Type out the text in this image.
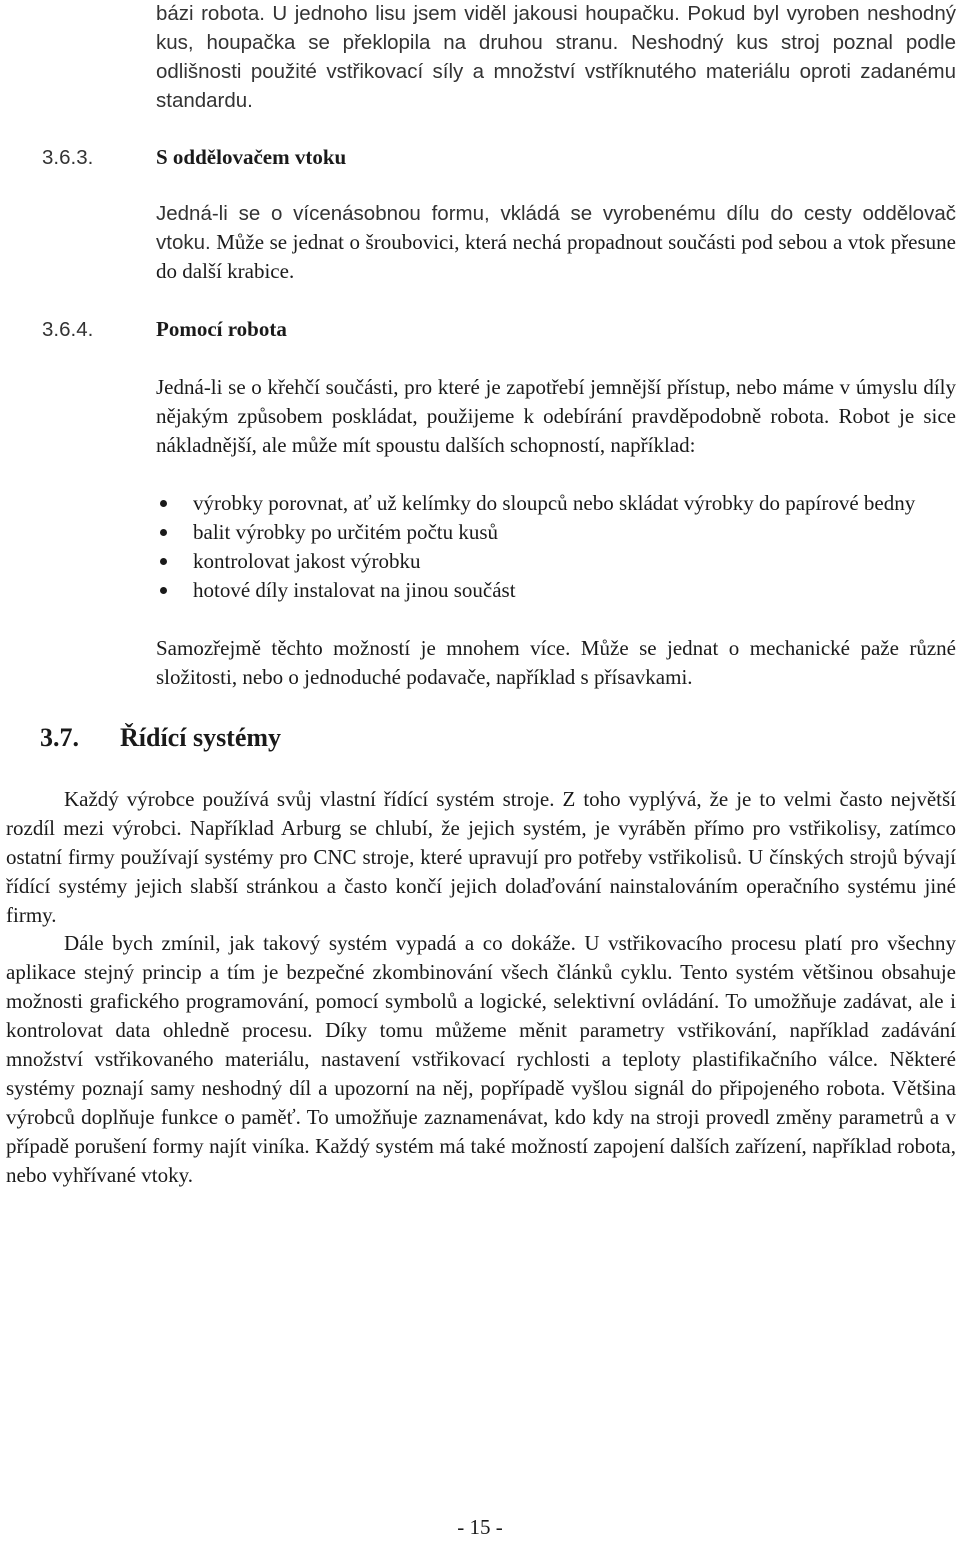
bázi robota. U jednoho lisu jsem viděl jakousi houpačku. Pokud byl vyroben neshodný kus, houpačka se překlopila na druhou stranu. Neshodný kus stroj poznal podle odlišnosti použité vstřikovací síly a množství vstříknutého materiálu oproti zadanému standardu.
3.6.3.	S oddělovačem vtoku
Jedná-li se o vícenásobnou formu, vkládá se vyrobenému dílu do cesty oddělovač vtoku. Může se jednat o šroubovici, která nechá propadnout součásti pod sebou a vtok přesune do další krabice.
3.6.4.	Pomocí robota
Jedná-li se o křehčí součásti, pro které je zapotřebí jemnější přístup, nebo máme v úmyslu díly nějakým způsobem poskládat, použijeme k odebírání pravděpodobně robota. Robot je sice nákladnější, ale může mít spoustu dalších schopností, například:
výrobky porovnat, ať už kelímky do sloupců nebo skládat výrobky do papírové bedny
balit výrobky po určitém počtu kusů
kontrolovat jakost výrobku
hotové díly instalovat na jinou součást
Samozřejmě těchto možností je mnohem více. Může se jednat o mechanické paže různé složitosti, nebo o jednoduché podavače, například s přísavkami.
3.7. Řídící systémy
Každý výrobce používá svůj vlastní řídící systém stroje. Z toho vyplývá, že je to velmi často největší rozdíl mezi výrobci. Například Arburg se chlubí, že jejich systém, je vyráběn přímo pro vstřikolisy, zatímco ostatní firmy používají systémy pro CNC stroje, které upravují pro potřeby vstřikolisů. U čínských strojů bývají řídící systémy jejich slabší stránkou a často končí jejich dolaďování nainstalováním operačního systému jiné firmy.
Dále bych zmínil, jak takový systém vypadá a co dokáže. U vstřikovacího procesu platí pro všechny aplikace stejný princip a tím je bezpečné zkombinování všech článků cyklu. Tento systém většinou obsahuje možnosti grafického programování, pomocí symbolů a logické, selektivní ovládání. To umožňuje zadávat, ale i kontrolovat data ohledně procesu. Díky tomu můžeme měnit parametry vstřikování, například zadávání množství vstřikovaného materiálu, nastavení vstřikovací rychlosti a teploty plastifikačního válce. Některé systémy poznají samy neshodný díl a upozorní na něj, popřípadě vyšlou signál do připojeného robota. Většina výrobců doplňuje funkce o paměť. To umožňuje zaznamenávat, kdo kdy na stroji provedl změny parametrů a v případě porušení formy najít viníka. Každý systém má také možností zapojení dalších zařízení, například robota, nebo vyhřívané vtoky.
- 15 -
